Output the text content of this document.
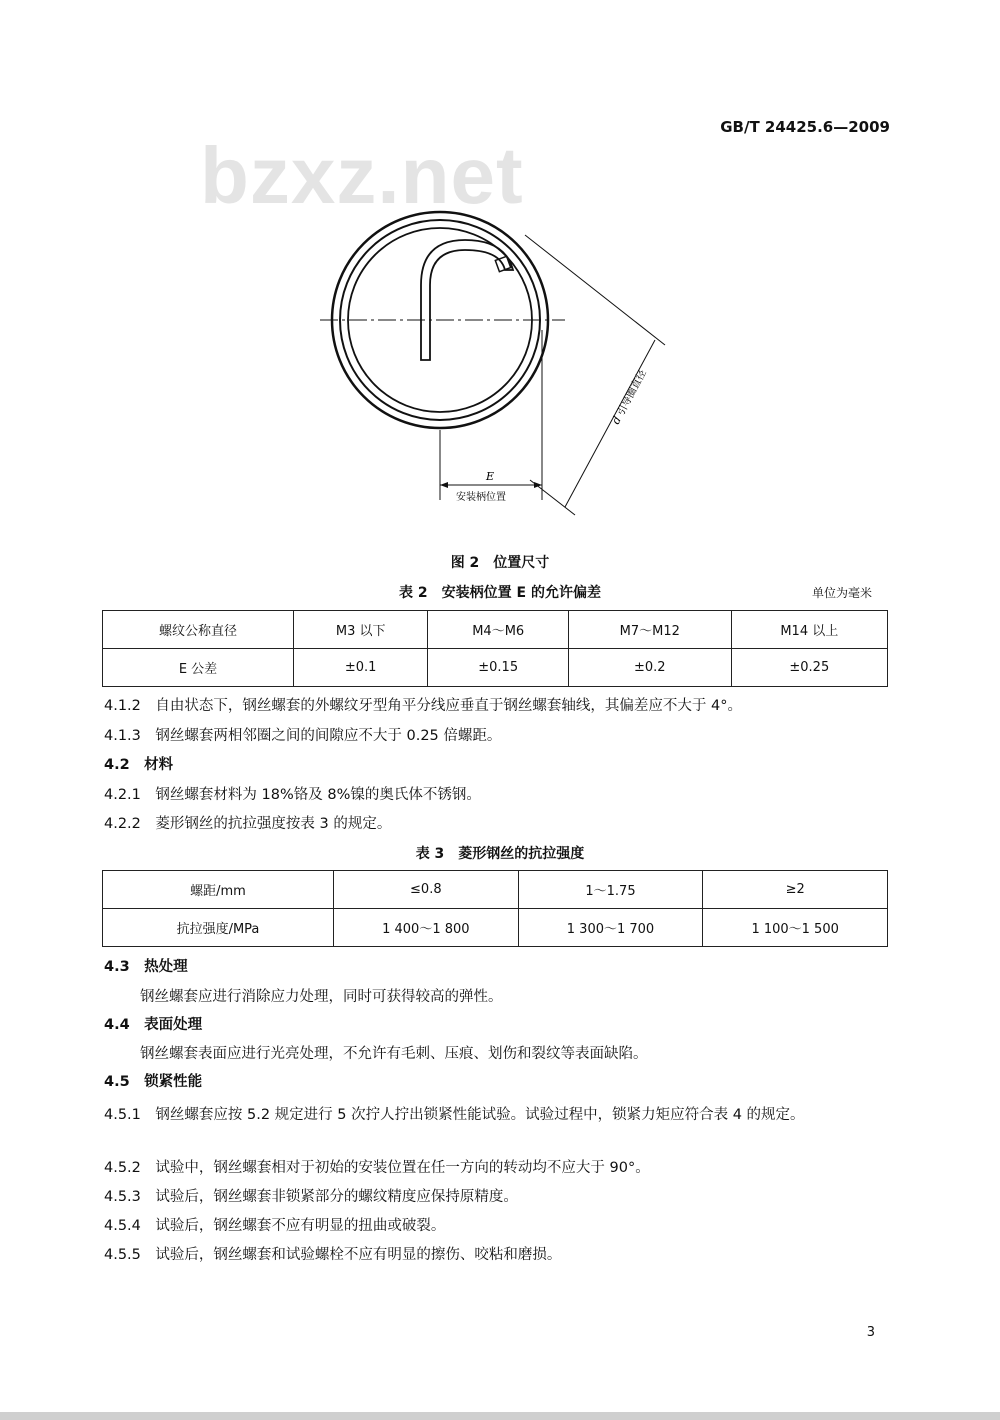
GB/T 24425.6—2009
bzxz.net
E
安装柄位置
d
引导圈直径
图 2　位置尺寸
表 2　安装柄位置 E 的允许偏差	单位为毫米
螺纹公称直径	M3 以下	M4～M6	M7～M12	M14 以上
E 公差	±0.1	±0.15	±0.2	±0.25
4.1.2　自由状态下，钢丝螺套的外螺纹牙型角平分线应垂直于钢丝螺套轴线，其偏差应不大于 4°。
4.1.3　钢丝螺套两相邻圈之间的间隙应不大于 0.25 倍螺距。
4.2　材料
4.2.1　钢丝螺套材料为 18%铬及 8%镍的奥氏体不锈钢。
4.2.2　菱形钢丝的抗拉强度按表 3 的规定。
表 3　菱形钢丝的抗拉强度
螺距/mm	≤0.8	1～1.75	≥2
抗拉强度/MPa	1 400～1 800	1 300～1 700	1 100～1 500
4.3　热处理
钢丝螺套应进行消除应力处理，同时可获得较高的弹性。
4.4　表面处理
钢丝螺套表面应进行光亮处理，不允许有毛刺、压痕、划伤和裂纹等表面缺陷。
4.5　锁紧性能
4.5.1　钢丝螺套应按 5.2 规定进行 5 次拧人拧出锁紧性能试验。试验过程中，锁紧力矩应符合表 4 的规定。
4.5.2　试验中，钢丝螺套相对于初始的安装位置在任一方向的转动均不应大于 90°。
4.5.3　试验后，钢丝螺套非锁紧部分的螺纹精度应保持原精度。
4.5.4　试验后，钢丝螺套不应有明显的扭曲或破裂。
4.5.5　试验后，钢丝螺套和试验螺栓不应有明显的擦伤、咬粘和磨损。
3
